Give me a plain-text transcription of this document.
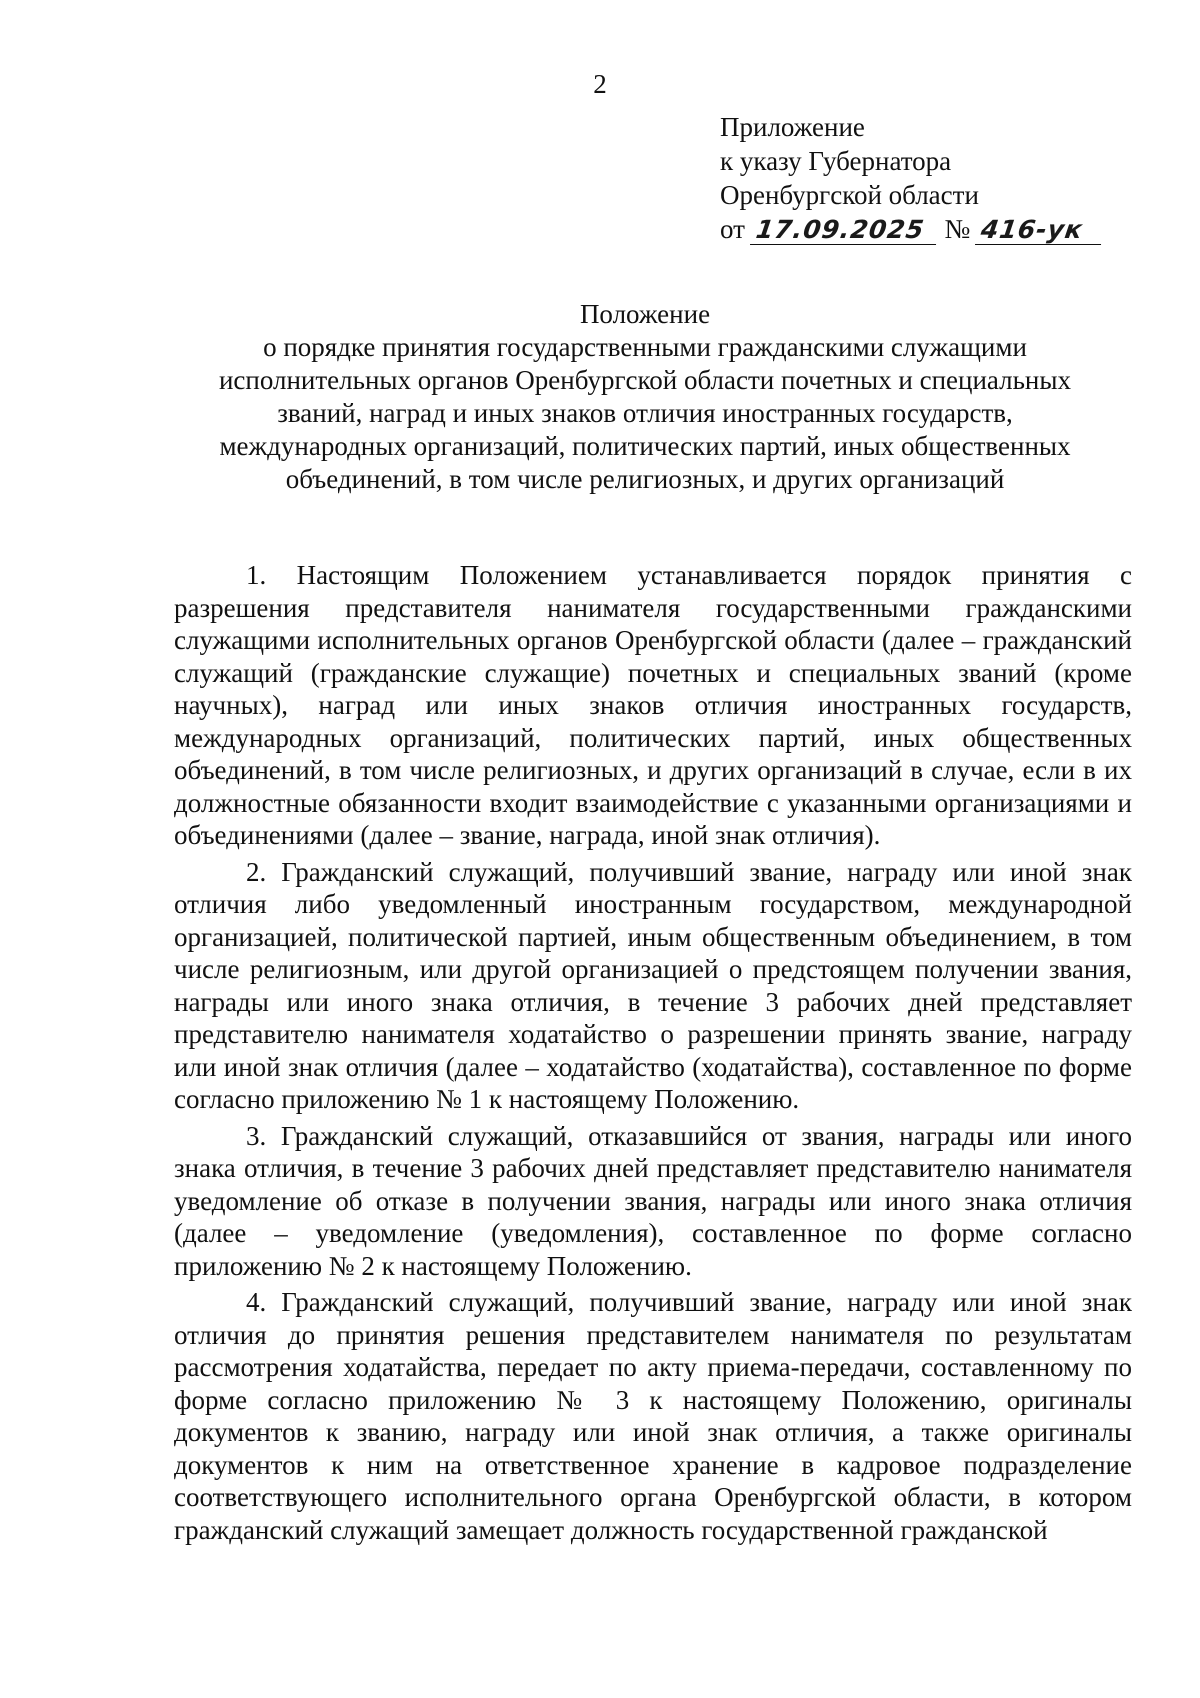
2
Приложение
к указу Губернатора
Оренбургской области
от 17.09.2025 № 416-ук
Положение
о порядке принятия государственными гражданскими служащими
исполнительных органов Оренбургской области почетных и специальных
званий, наград и иных знаков отличия иностранных государств,
международных организаций, политических партий, иных общественных
объединений, в том числе религиозных, и других организаций

1. Настоящим Положением устанавливается порядок принятия с разрешения представителя нанимателя государственными гражданскими служащими исполнительных органов Оренбургской области (далее – гражданский служащий (гражданские служащие) почетных и специальных званий (кроме научных), наград или иных знаков отличия иностранных государств, международных организаций, политических партий, иных общественных объединений, в том числе религиозных, и других организаций в случае, если в их должностные обязанности входит взаимодействие с указанными организациями и объединениями (далее – звание, награда, иной знак отличия).

2. Гражданский служащий, получивший звание, награду или иной знак отличия либо уведомленный иностранным государством, международной организацией, политической партией, иным общественным объединением, в том числе религиозным, или другой организацией о предстоящем получении звания, награды или иного знака отличия, в течение 3 рабочих дней представляет представителю нанимателя ходатайство о разрешении принять звание, награду или иной знак отличия (далее – ходатайство (ходатайства), составленное по форме согласно приложению № 1 к настоящему Положению.

3. Гражданский служащий, отказавшийся от звания, награды или иного знака отличия, в течение 3 рабочих дней представляет представителю нанимателя уведомление об отказе в получении звания, награды или иного знака отличия (далее – уведомление (уведомления), составленное по форме согласно приложению № 2 к настоящему Положению.

4. Гражданский служащий, получивший звание, награду или иной знак отличия до принятия решения представителем нанимателя по результатам рассмотрения ходатайства, передает по акту приема-передачи, составленному по форме согласно приложению № 3 к настоящему Положению, оригиналы документов к званию, награду или иной знак отличия, а также оригиналы документов к ним на ответственное хранение в кадровое подразделение соответствующего исполнительного органа Оренбургской области, в котором гражданский служащий замещает должность государственной гражданской
